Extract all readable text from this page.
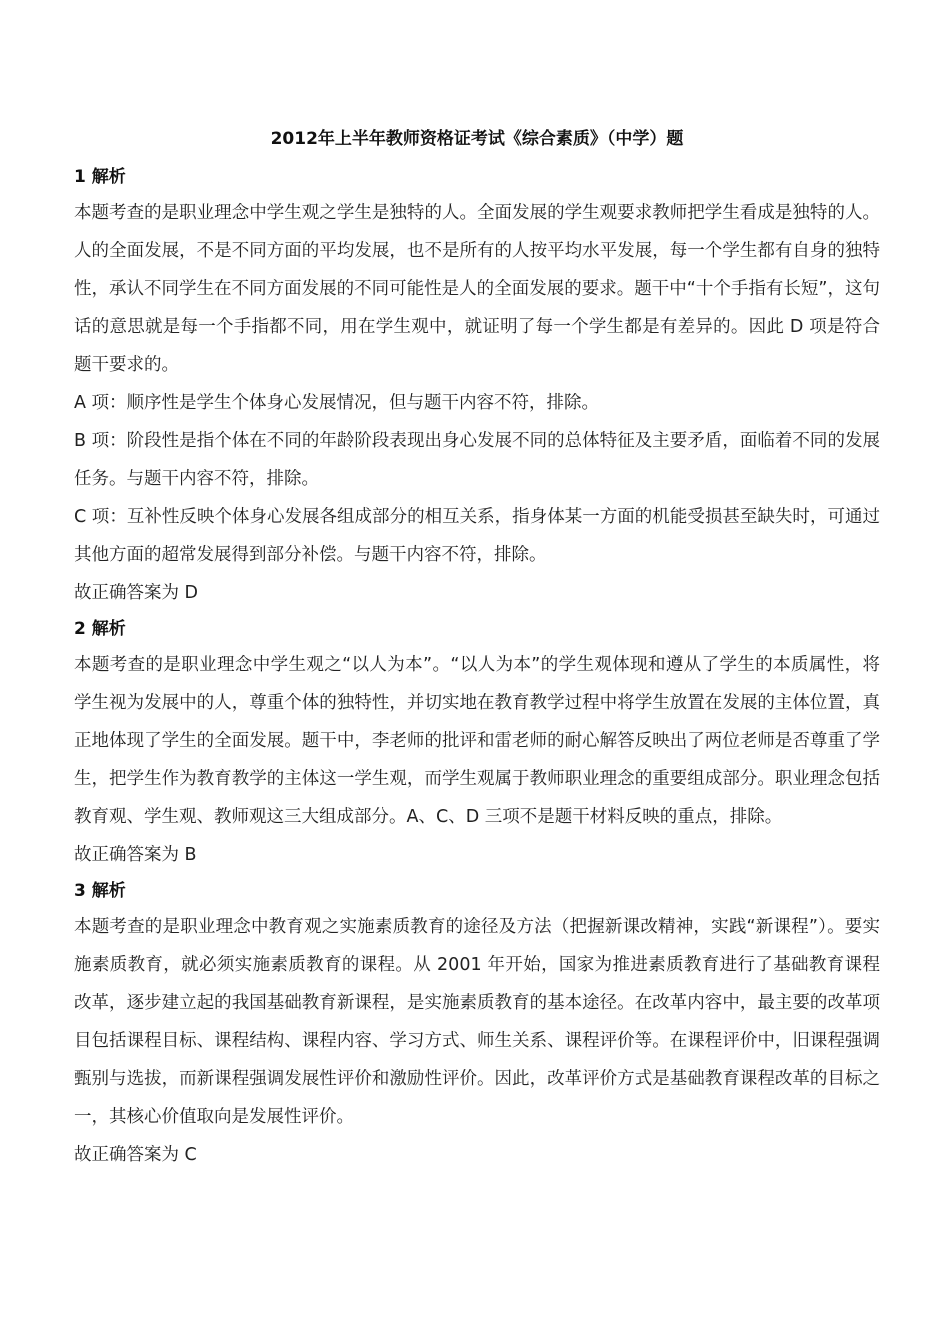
2012年上半年教师资格证考试《综合素质》（中学）题
1 解析

本题考查的是职业理念中学生观之学生是独特的人。全面发展的学生观要求教师把学生看成是独特的人。人的全面发展，不是不同方面的平均发展，也不是所有的人按平均水平发展，每一个学生都有自身的独特性，承认不同学生在不同方面发展的不同可能性是人的全面发展的要求。题干中“十个手指有长短”，这句话的意思就是每一个手指都不同，用在学生观中，就证明了每一个学生都是有差异的。因此 D 项是符合题干要求的。

A 项：顺序性是学生个体身心发展情况，但与题干内容不符，排除。

B 项：阶段性是指个体在不同的年龄阶段表现出身心发展不同的总体特征及主要矛盾，面临着不同的发展任务。与题干内容不符，排除。

C 项：互补性反映个体身心发展各组成部分的相互关系，指身体某一方面的机能受损甚至缺失时，可通过其他方面的超常发展得到部分补偿。与题干内容不符，排除。

故正确答案为 D

2 解析

本题考查的是职业理念中学生观之“以人为本”。“以人为本”的学生观体现和遵从了学生的本质属性，将学生视为发展中的人，尊重个体的独特性，并切实地在教育教学过程中将学生放置在发展的主体位置，真正地体现了学生的全面发展。题干中，李老师的批评和雷老师的耐心解答反映出了两位老师是否尊重了学生，把学生作为教育教学的主体这一学生观，而学生观属于教师职业理念的重要组成部分。职业理念包括教育观、学生观、教师观这三大组成部分。A、C、D 三项不是题干材料反映的重点，排除。

故正确答案为 B

3 解析

本题考查的是职业理念中教育观之实施素质教育的途径及方法（把握新课改精神，实践“新课程”）。要实施素质教育，就必须实施素质教育的课程。从 2001 年开始，国家为推进素质教育进行了基础教育课程改革，逐步建立起的我国基础教育新课程，是实施素质教育的基本途径。在改革内容中，最主要的改革项目包括课程目标、课程结构、课程内容、学习方式、师生关系、课程评价等。在课程评价中，旧课程强调甄别与选拔，而新课程强调发展性评价和激励性评价。因此，改革评价方式是基础教育课程改革的目标之一，其核心价值取向是发展性评价。

故正确答案为 C
